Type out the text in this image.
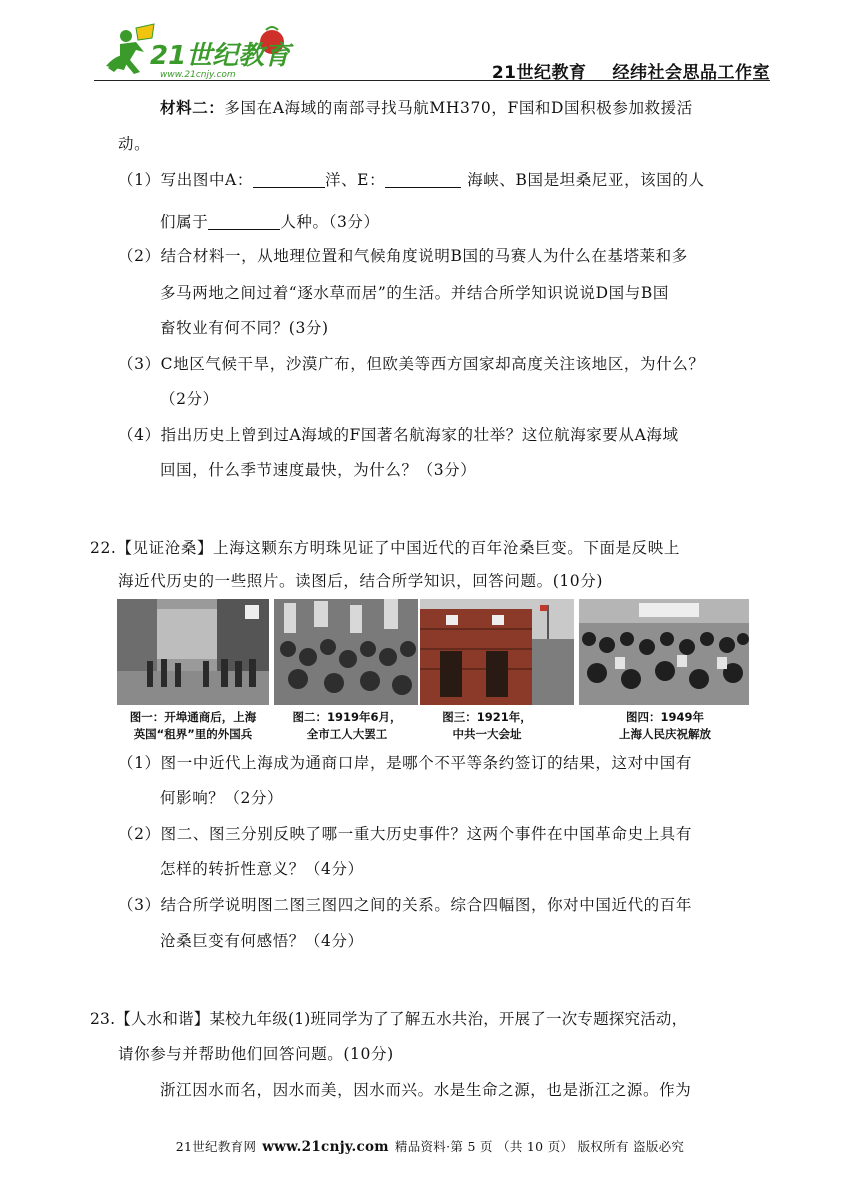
21世纪教育
www.21cnjy.com	21世纪教育 经纬社会思品工作室
材料二：多国在A海域的南部寻找马航MH370，F国和D国积极参加救援活
动。
（1）写出图中A：	洋、E：	海峡、B国是坦桑尼亚，该国的人
们属于	人种。（3分）
（2）结合材料一，从地理位置和气候角度说明B国的马赛人为什么在基塔莱和多
多马两地之间过着“逐水草而居”的生活。并结合所学知识说说D国与B国
畜牧业有何不同？(3分)
（3）C地区气候干旱，沙漠广布，但欧美等西方国家却高度关注该地区，为什么？
（2分）
（4）指出历史上曾到过A海域的F国著名航海家的壮举？这位航海家要从A海域
回国，什么季节速度最快，为什么？（3分）
22.【见证沧桑】上海这颗东方明珠见证了中国近代的百年沧桑巨变。下面是反映上
海近代历史的一些照片。读图后，结合所学知识，回答问题。(10分)
图一：开埠通商后，上海
英国“租界”里的外国兵
图二：1919年6月，
全市工人大罢工
图三：1921年，
中共一大会址
图四：1949年
上海人民庆祝解放
（1）图一中近代上海成为通商口岸，是哪个不平等条约签订的结果，这对中国有
何影响？（2分）
（2）图二、图三分别反映了哪一重大历史事件？这两个事件在中国革命史上具有
怎样的转折性意义？（4分）
（3）结合所学说明图二图三图四之间的关系。综合四幅图，你对中国近代的百年
沧桑巨变有何感悟？（4分）
23.【人水和谐】某校九年级(1)班同学为了了解五水共治，开展了一次专题探究活动，
请你参与并帮助他们回答问题。(10分)
浙江因水而名，因水而美，因水而兴。水是生命之源，也是浙江之源。作为
21世纪教育网 www.21cnjy.com 精品资料·第 5 页 （共 10 页） 版权所有 盗版必究
